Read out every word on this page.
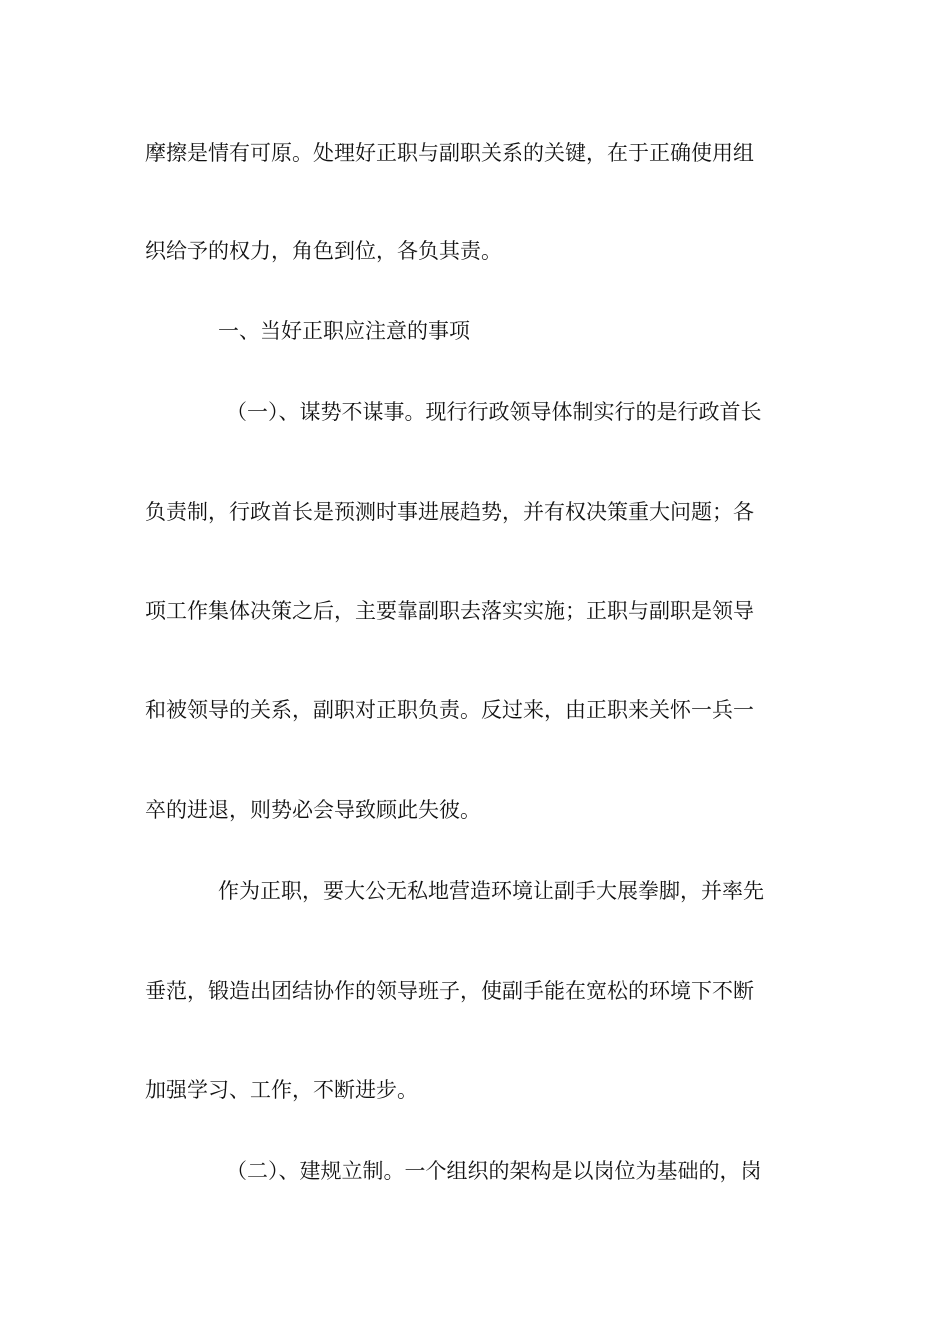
摩擦是情有可原。处理好正职与副职关系的关键，在于正确使用组
织给予的权力，角色到位，各负其责。
一、当好正职应注意的事项
（一）、谋势不谋事。现行行政领导体制实行的是行政首长
负责制，行政首长是预测时事进展趋势，并有权决策重大问题；各
项工作集体决策之后，主要靠副职去落实实施；正职与副职是领导
和被领导的关系，副职对正职负责。反过来，由正职来关怀一兵一
卒的进退，则势必会导致顾此失彼。
作为正职，要大公无私地营造环境让副手大展拳脚，并率先
垂范，锻造出团结协作的领导班子，使副手能在宽松的环境下不断
加强学习、工作，不断进步。
（二）、建规立制。一个组织的架构是以岗位为基础的，岗
